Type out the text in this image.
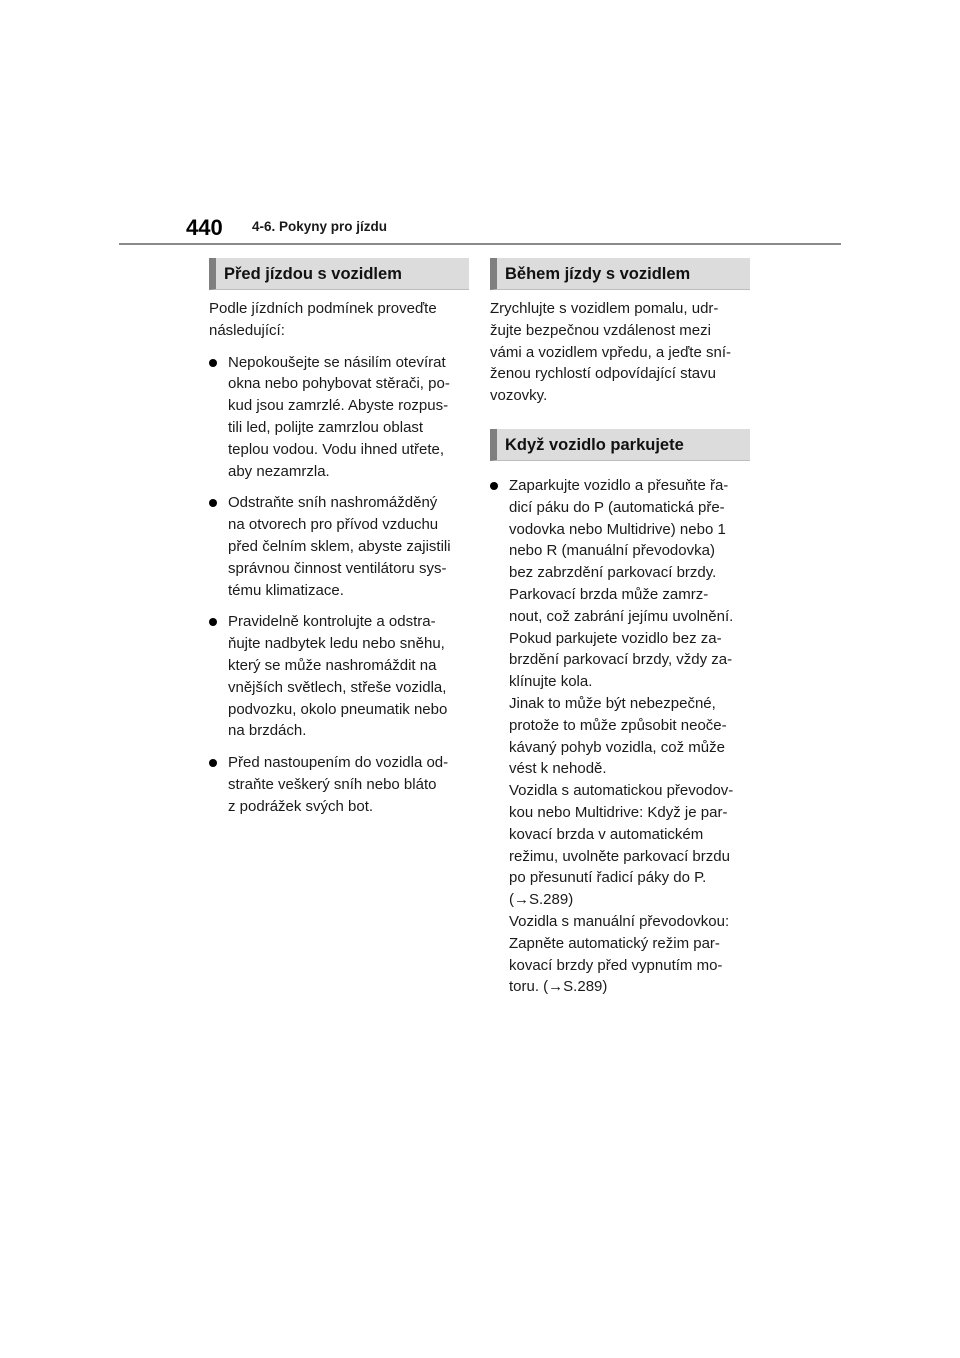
440 4-6. Pokyny pro jízdu
Před jízdou s vozidlem

Podle jízdních podmínek proveďte
následující:

Nepokoušejte se násilím otevírat
okna nebo pohybovat stěrači, po-
kud jsou zamrzlé. Abyste rozpus-
tili led, polijte zamrzlou oblast
teplou vodou. Vodu ihned utřete,
aby nezamrzla.
Odstraňte sníh nashromážděný
na otvorech pro přívod vzduchu
před čelním sklem, abyste zajistili
správnou činnost ventilátoru sys-
tému klimatizace.
Pravidelně kontrolujte a odstra-
ňujte nadbytek ledu nebo sněhu,
který se může nashromáždit na
vnějších světlech, střeše vozidla,
podvozku, okolo pneumatik nebo
na brzdách.
Před nastoupením do vozidla od-
straňte veškerý sníh nebo bláto
z podrážek svých bot.
Během jízdy s vozidlem

Zrychlujte s vozidlem pomalu, udr-
žujte bezpečnou vzdálenost mezi
vámi a vozidlem vpředu, a jeďte sní-
ženou rychlostí odpovídající stavu
vozovky.

Když vozidlo parkujete
Zaparkujte vozidlo a přesuňte řa-
dicí páku do P (automatická pře-
vodovka nebo Multidrive) nebo 1
nebo R (manuální převodovka)
bez zabrzdění parkovací brzdy.
Parkovací brzda může zamrz-
nout, což zabrání jejímu uvolnění.
Pokud parkujete vozidlo bez za-
brzdění parkovací brzdy, vždy za-
klínujte kola.
Jinak to může být nebezpečné,
protože to může způsobit neoče-
kávaný pohyb vozidla, což může
vést k nehodě.
Vozidla s automatickou převodov-
kou nebo Multidrive: Když je par-
kovací brzda v automatickém
režimu, uvolněte parkovací brzdu
po přesunutí řadicí páky do P.
(→S.289)
Vozidla s manuální převodovkou:
Zapněte automatický režim par-
kovací brzdy před vypnutím mo-
toru. (→S.289)
